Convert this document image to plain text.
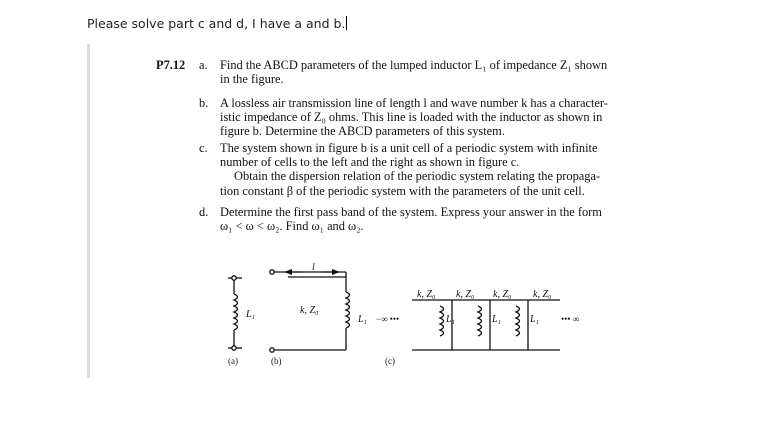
Please solve part c and d, I have a and b.
P7.12 a. Find the ABCD parameters of the lumped inductor L₁ of impedance Z₁ shown
in the figure.
b. A lossless air transmission line of length l and wave number k has a character-
istic impedance of Z₀ ohms. This line is loaded with the inductor as shown in
figure b. Determine the ABCD parameters of this system.
c. The system shown in figure b is a unit cell of a periodic system with infinite
number of cells to the left and the right as shown in figure c.

Obtain the dispersion relation of the periodic system relating the propaga-
tion constant β of the periodic system with the parameters of the unit cell.
d. Determine the first pass band of the system. Express your answer in the form
ω₁ < ω < ω₂. Find ω₁ and ω₂.
l
L₁	k, Z₀
L₁
k, Z₀ k, Z₀ k, Z₀ k, Z₀
L₁	L₁	L₁
−∞ •••	••• ∞
(a)	(b)	(c)
